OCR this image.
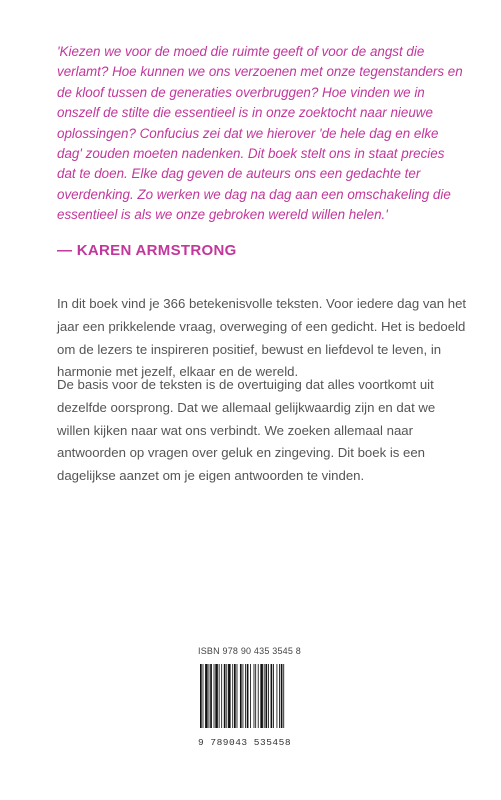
'Kiezen we voor de moed die ruimte geeft of voor de angst die verlamt? Hoe kunnen we ons verzoenen met onze tegenstanders en de kloof tussen de generaties overbruggen? Hoe vinden we in onszelf de stilte die essentieel is in onze zoektocht naar nieuwe oplossingen? Confucius zei dat we hierover 'de hele dag en elke dag' zouden moeten nadenken. Dit boek stelt ons in staat precies dat te doen. Elke dag geven de auteurs ons een gedachte ter overdenking. Zo werken we dag na dag aan een omschakeling die essentieel is als we onze gebroken wereld willen helen.'
— KAREN ARMSTRONG
In dit boek vind je 366 betekenisvolle teksten. Voor iedere dag van het jaar een prikkelende vraag, overweging of een gedicht. Het is bedoeld om de lezers te inspireren positief, bewust en liefdevol te leven, in harmonie met jezelf, elkaar en de wereld.
De basis voor de teksten is de overtuiging dat alles voortkomt uit dezelfde oorsprong. Dat we allemaal gelijkwaardig zijn en dat we willen kijken naar wat ons verbindt. We zoeken allemaal naar antwoorden op vragen over geluk en zingeving. Dit boek is een dagelijkse aanzet om je eigen antwoorden te vinden.
ISBN 978 90 435 3545 8
9 789043 535458
